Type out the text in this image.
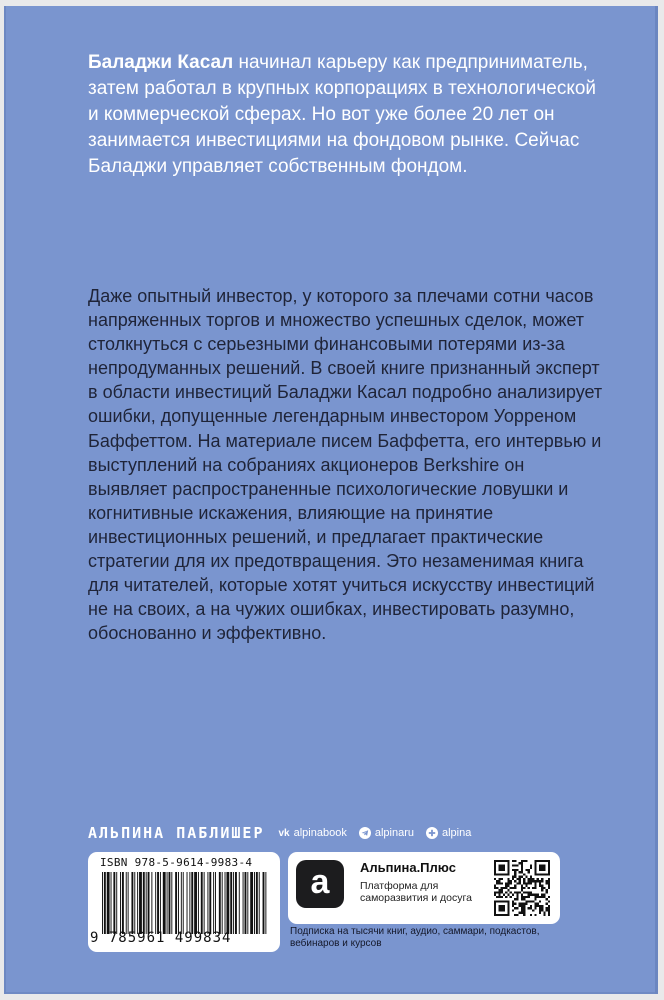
Баладжи Касал начинал карьеру как предприниматель, затем работал в крупных корпорациях в технологической и коммерческой сферах. Но вот уже более 20 лет он занимается инвестициями на фондовом рынке. Сейчас Баладжи управляет собственным фондом.

Даже опытный инвестор, у которого за плечами сотни часов напряженных торгов и множество успешных сделок, может столкнуться с серьезными финансовыми потерями из-за непродуманных решений. В своей книге признанный эксперт в области инвестиций Баладжи Касал подробно анализирует ошибки, допущенные легендарным инвестором Уорреном Баффеттом. На материале писем Баффетта, его интервью и выступлений на собраниях акционеров Berkshire он выявляет распространенные психологические ловушки и когнитивные искажения, влияющие на принятие инвестиционных решений, и предлагает практические стратегии для их предотвращения. Это незаменимая книга для читателей, которые хотят учиться искусству инвестиций не на своих, а на чужих ошибках, инвестировать разумно, обоснованно и эффективно.

АЛЬПИНА ПАБЛИШЕР vk alpinabook	alpinaru	alpina
ISBN 978-5-9614-9983-4
9 785961 499834
a Альпина.Плюс
Платформа для саморазвития и досуга
Подписка на тысячи книг, аудио, саммари, подкастов, вебинаров и курсов
